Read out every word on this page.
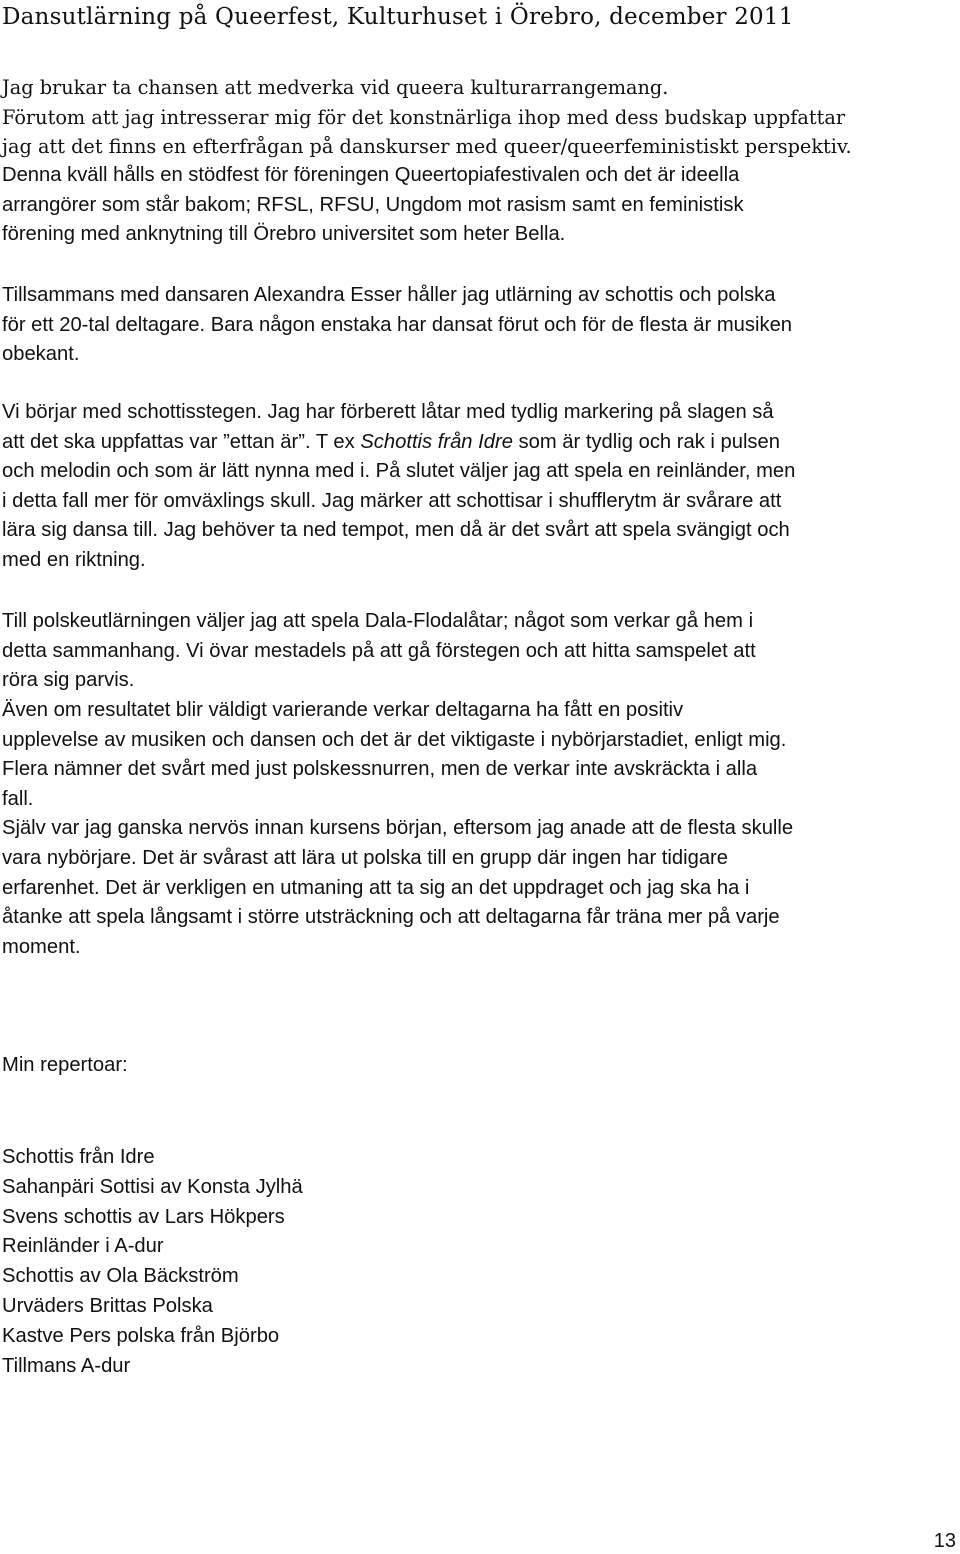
Dansutlärning på Queerfest, Kulturhuset i Örebro, december 2011
Jag brukar ta chansen att medverka vid queera kulturarrangemang.
Förutom att jag intresserar mig för det konstnärliga ihop med dess budskap uppfattar
jag att det finns en efterfrågan på danskurser med queer/queerfeministiskt perspektiv.
Denna kväll hålls en stödfest för föreningen Queertopiafestivalen och det är ideella
arrangörer som står bakom; RFSL, RFSU, Ungdom mot rasism samt en feministisk
förening med anknytning till Örebro universitet som heter Bella.
Tillsammans med dansaren Alexandra Esser håller jag utlärning av schottis och polska
för ett 20-tal deltagare. Bara någon enstaka har dansat förut och för de flesta är musiken
obekant.
Vi börjar med schottisstegen. Jag har förberett låtar med tydlig markering på slagen så
att det ska uppfattas var ”ettan är”. T ex Schottis från Idre som är tydlig och rak i pulsen
och melodin och som är lätt nynna med i. På slutet väljer jag att spela en reinländer, men
i detta fall mer för omväxlings skull. Jag märker att schottisar i shufflerytm är svårare att
lära sig dansa till. Jag behöver ta ned tempot, men då är det svårt att spela svängigt och
med en riktning.
Till polskeutlärningen väljer jag att spela Dala-Flodalåtar; något som verkar gå hem i
detta sammanhang. Vi övar mestadels på att gå förstegen och att hitta samspelet att
röra sig parvis.
Även om resultatet blir väldigt varierande verkar deltagarna ha fått en positiv
upplevelse av musiken och dansen och det är det viktigaste i nybörjarstadiet, enligt mig.
Flera nämner det svårt med just polskessnurren, men de verkar inte avskräckta i alla
fall.
Själv var jag ganska nervös innan kursens början, eftersom jag anade att de flesta skulle
vara nybörjare. Det är svårast att lära ut polska till en grupp där ingen har tidigare
erfarenhet. Det är verkligen en utmaning att ta sig an det uppdraget och jag ska ha i
åtanke att spela långsamt i större utsträckning och att deltagarna får träna mer på varje
moment.
Min repertoar:
Schottis från Idre
Sahanpäri Sottisi av Konsta Jylhä
Svens schottis av Lars Hökpers
Reinländer i A-dur
Schottis av Ola Bäckström
Urväders Brittas Polska
Kastve Pers polska från Björbo
Tillmans A-dur
13
